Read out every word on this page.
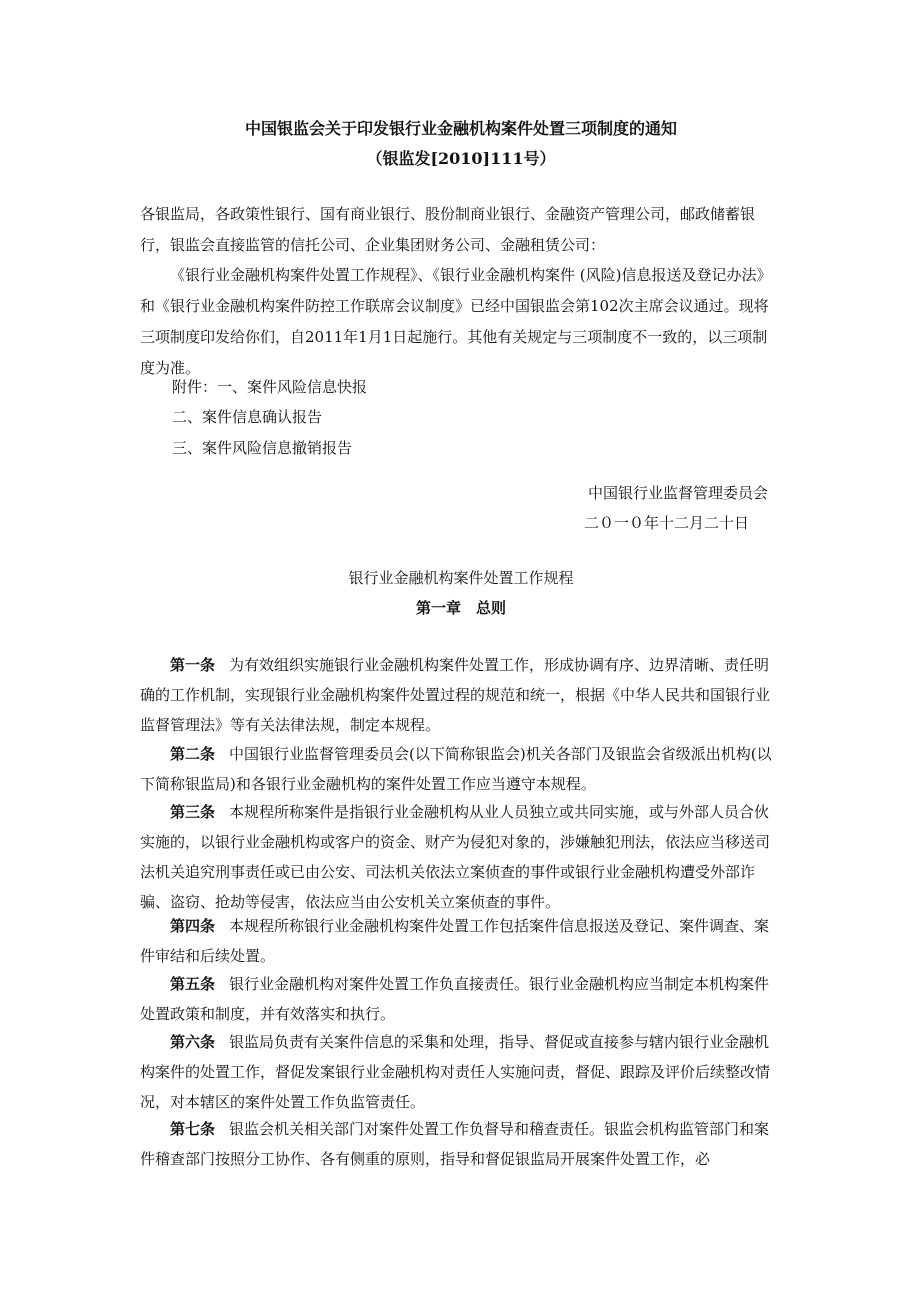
中国银监会关于印发银行业金融机构案件处置三项制度的通知

（银监发[2010]111号）

各银监局，各政策性银行、国有商业银行、股份制商业银行、金融资产管理公司，邮政储蓄银行，银监会直接监管的信托公司、企业集团财务公司、金融租赁公司：

《银行业金融机构案件处置工作规程》、《银行业金融机构案件 (风险)信息报送及登记办法》和《银行业金融机构案件防控工作联席会议制度》已经中国银监会第102次主席会议通过。现将三项制度印发给你们，自2011年1月1日起施行。其他有关规定与三项制度不一致的，以三项制度为准。

附件：一、案件风险信息快报

二、案件信息确认报告

三、案件风险信息撤销报告

中国银行业监督管理委员会

二０一０年十二月二十日

银行业金融机构案件处置工作规程

第一章　总则

第一条 为有效组织实施银行业金融机构案件处置工作，形成协调有序、边界清晰、责任明确的工作机制，实现银行业金融机构案件处置过程的规范和统一，根据《中华人民共和国银行业监督管理法》等有关法律法规，制定本规程。

第二条 中国银行业监督管理委员会(以下简称银监会)机关各部门及银监会省级派出机构(以下简称银监局)和各银行业金融机构的案件处置工作应当遵守本规程。

第三条 本规程所称案件是指银行业金融机构从业人员独立或共同实施，或与外部人员合伙实施的，以银行业金融机构或客户的资金、财产为侵犯对象的，涉嫌触犯刑法，依法应当移送司法机关追究刑事责任或已由公安、司法机关依法立案侦查的事件或银行业金融机构遭受外部诈骗、盗窃、抢劫等侵害，依法应当由公安机关立案侦查的事件。

第四条 本规程所称银行业金融机构案件处置工作包括案件信息报送及登记、案件调查、案件审结和后续处置。

第五条 银行业金融机构对案件处置工作负直接责任。银行业金融机构应当制定本机构案件处置政策和制度，并有效落实和执行。

第六条 银监局负责有关案件信息的采集和处理，指导、督促或直接参与辖内银行业金融机构案件的处置工作，督促发案银行业金融机构对责任人实施问责，督促、跟踪及评价后续整改情况，对本辖区的案件处置工作负监管责任。

第七条 银监会机关相关部门对案件处置工作负督导和稽查责任。银监会机构监管部门和案件稽查部门按照分工协作、各有侧重的原则，指导和督促银监局开展案件处置工作，必
